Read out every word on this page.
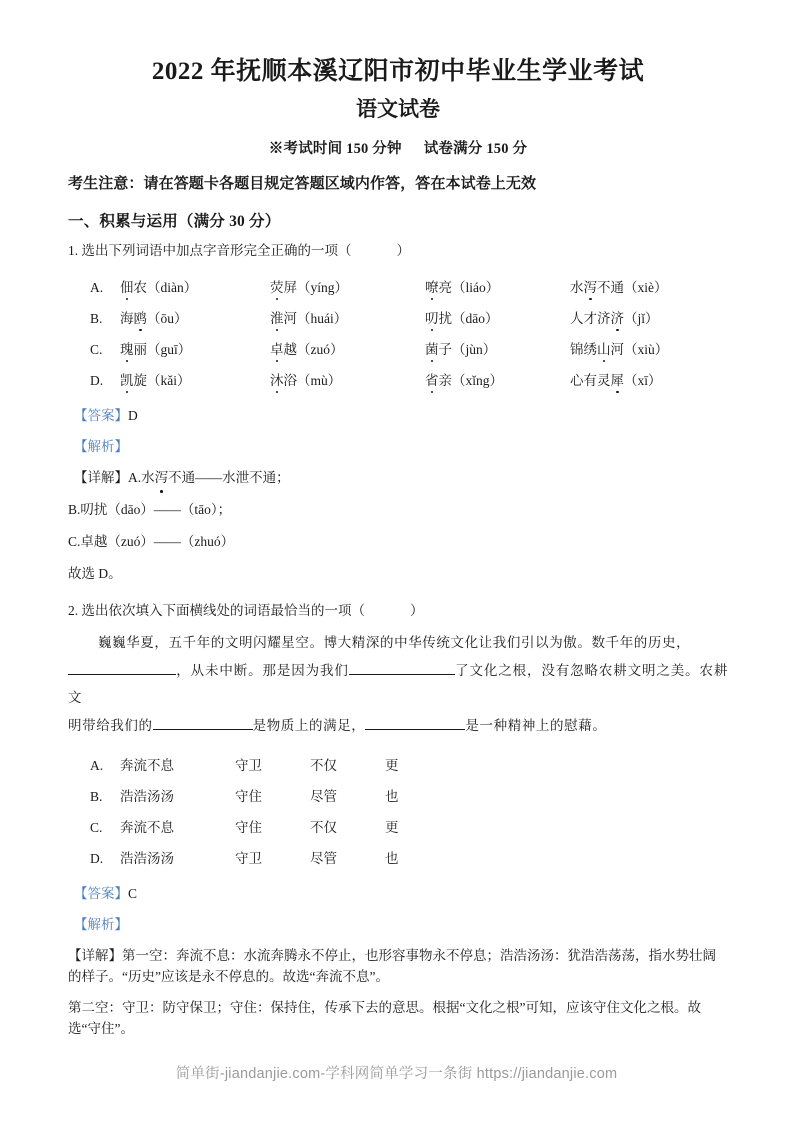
2022 年抚顺本溪辽阳市初中毕业生学业考试
语文试卷
※考试时间 150 分钟 试卷满分 150 分
考生注意：请在答题卡各题目规定答题区域内作答，答在本试卷上无效
一、积累与运用（满分 30 分）
1. 选出下列词语中加点字音形完全正确的一项（　　）
A.	佃农（diàn）	荧屏（yíng）	嘹亮（liáo）	水泻不通（xiè）
B.	海鸥（ōu）	淮河（huái）	叨扰（dāo）	人才济济（jǐ）
C.	瑰丽（guī）	卓越（zuó）	菌子（jùn）	锦绣山河（xiù）
D.	凯旋（kǎi）	沐浴（mù）	省亲（xǐng）	心有灵犀（xī）
【答案】D
【解析】
【详解】A.水泻不通——水泄不通；
B.叨扰（dāo）——（tāo）；
C.卓越（zuó）——（zhuó）
故选 D。
2. 选出依次填入下面横线处的词语最恰当的一项（　　）
巍巍华夏，五千年的文明闪耀星空。博大精深的中华传统文化让我们引以为傲。数千年的历史，
，从未中断。那是因为我们	了文化之根，没有忽略农耕文明之美。农耕文
明带给我们的	是物质上的满足，	是一种精神上的慰藉。
A.	奔流不息	守卫	不仅	更
B.	浩浩汤汤	守住	尽管	也
C.	奔流不息	守住	不仅	更
D.	浩浩汤汤	守卫	尽管	也
【答案】C
【解析】
【详解】第一空：奔流不息：水流奔腾永不停止，也形容事物永不停息；浩浩汤汤：犹浩浩荡荡，指水势壮阔的样子。“历史”应该是永不停息的。故选“奔流不息”。
第二空：守卫：防守保卫；守住：保持住，传承下去的意思。根据“文化之根”可知，应该守住文化之根。故选“守住”。
简单街-jiandanjie.com-学科网简单学习一条街 https://jiandanjie.com
